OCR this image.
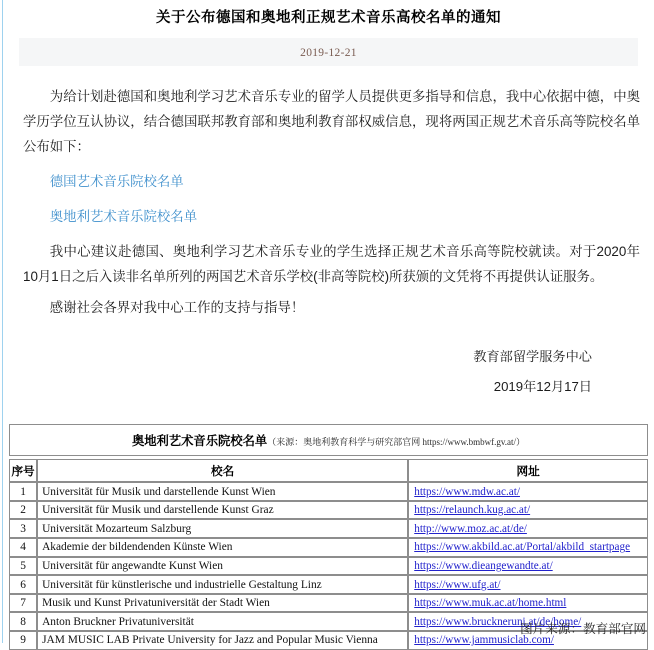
关于公布德国和奥地利正规艺术音乐高校名单的通知
2019-12-21

为给计划赴德国和奥地利学习艺术音乐专业的留学人员提供更多指导和信息，我中心依据中德，中奥学历学位互认协议，结合德国联邦教育部和奥地利教育部权威信息，现将两国正规艺术音乐高等院校名单公布如下：

德国艺术音乐院校名单

奥地利艺术音乐院校名单

我中心建议赴德国、奥地利学习艺术音乐专业的学生选择正规艺术音乐高等院校就读。对于2020年10月1日之后入读非名单所列的两国艺术音乐学校(非高等院校)所获颁的文凭将不再提供认证服务。

感谢社会各界对我中心工作的支持与指导！

教育部留学服务中心
2019年12月17日
奥地利艺术音乐院校名单（来源：奥地利教育科学与研究部官网 https://www.bmbwf.gv.at/）		

序号	校名	网址
1	Universität für Musik und darstellende Kunst Wien	https://www.mdw.ac.at/
2	Universität für Musik und darstellende Kunst Graz	https://relaunch.kug.ac.at/
3	Universität Mozarteum Salzburg	http://www.moz.ac.at/de/
4	Akademie der bildendenden Künste Wien	https://www.akbild.ac.at/Portal/akbild_startpage
5	Universität für angewandte Kunst Wien	https://www.dieangewandte.at/
6	Universität für künstlerische und industrielle Gestaltung Linz	https://www.ufg.at/
7	Musik und Kunst Privatuniversität der Stadt Wien	https://www.muk.ac.at/home.html
8	Anton Bruckner Privatuniversität	https://www.bruckneruni.at/de/home/
9	JAM MUSIC LAB Private University for Jazz and Popular Music Vienna	https://www.jammusiclab.com/
图片来源：教育部官网
